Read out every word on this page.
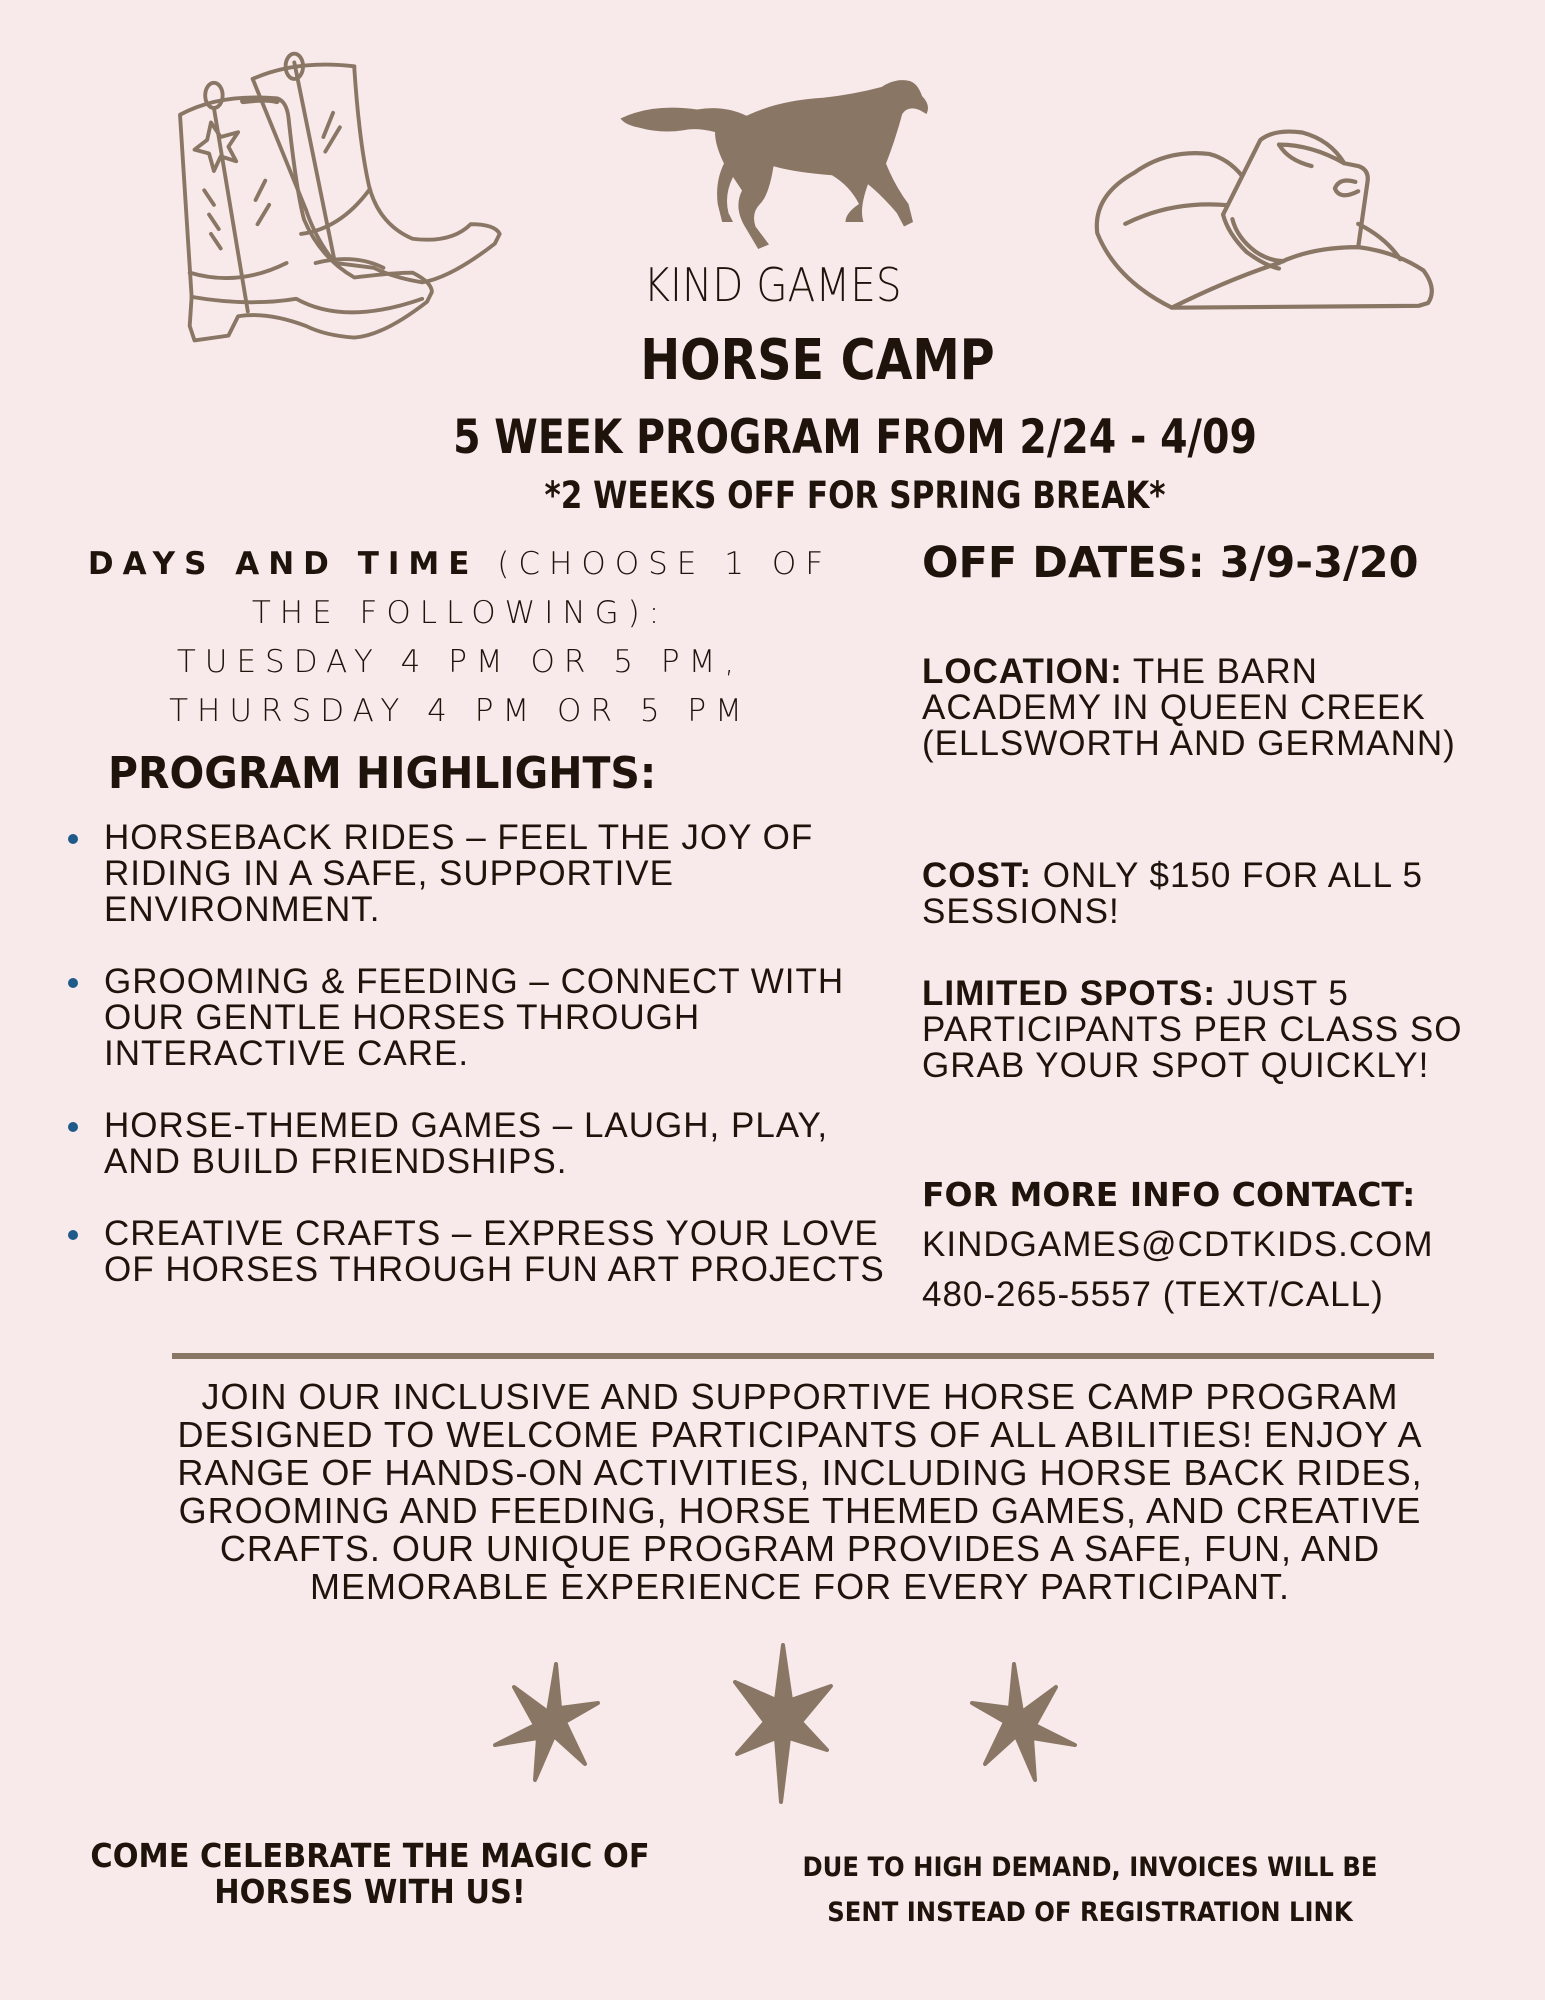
KIND GAMES
HORSE CAMP
5 WEEK PROGRAM FROM 2/24 - 4/09
*2 WEEKS OFF FOR SPRING BREAK*
DAYS AND TIME (CHOOSE 1 OF THE FOLLOWING):
TUESDAY 4 PM OR 5 PM,
THURSDAY 4 PM OR 5 PM
PROGRAM HIGHLIGHTS:
HORSEBACK RIDES – FEEL THE JOY OF RIDING IN A SAFE, SUPPORTIVE ENVIRONMENT.
GROOMING & FEEDING – CONNECT WITH OUR GENTLE HORSES THROUGH INTERACTIVE CARE.
HORSE-THEMED GAMES – LAUGH, PLAY, AND BUILD FRIENDSHIPS.
CREATIVE CRAFTS – EXPRESS YOUR LOVE OF HORSES THROUGH FUN ART PROJECTS
OFF DATES: 3/9-3/20
LOCATION: THE BARN ACADEMY IN QUEEN CREEK (ELLSWORTH AND GERMANN)
COST: ONLY $150 FOR ALL 5 SESSIONS!
LIMITED SPOTS: JUST 5 PARTICIPANTS PER CLASS SO GRAB YOUR SPOT QUICKLY!
FOR MORE INFO CONTACT:
KINDGAMES@CDTKIDS.COM
480-265-5557 (TEXT/CALL)
JOIN OUR INCLUSIVE AND SUPPORTIVE HORSE CAMP PROGRAM DESIGNED TO WELCOME PARTICIPANTS OF ALL ABILITIES! ENJOY A RANGE OF HANDS-ON ACTIVITIES, INCLUDING HORSE BACK RIDES, GROOMING AND FEEDING, HORSE THEMED GAMES, AND CREATIVE CRAFTS. OUR UNIQUE PROGRAM PROVIDES A SAFE, FUN, AND MEMORABLE EXPERIENCE FOR EVERY PARTICIPANT.
COME CELEBRATE THE MAGIC OF HORSES WITH US!
DUE TO HIGH DEMAND, INVOICES WILL BE
SENT INSTEAD OF REGISTRATION LINK
